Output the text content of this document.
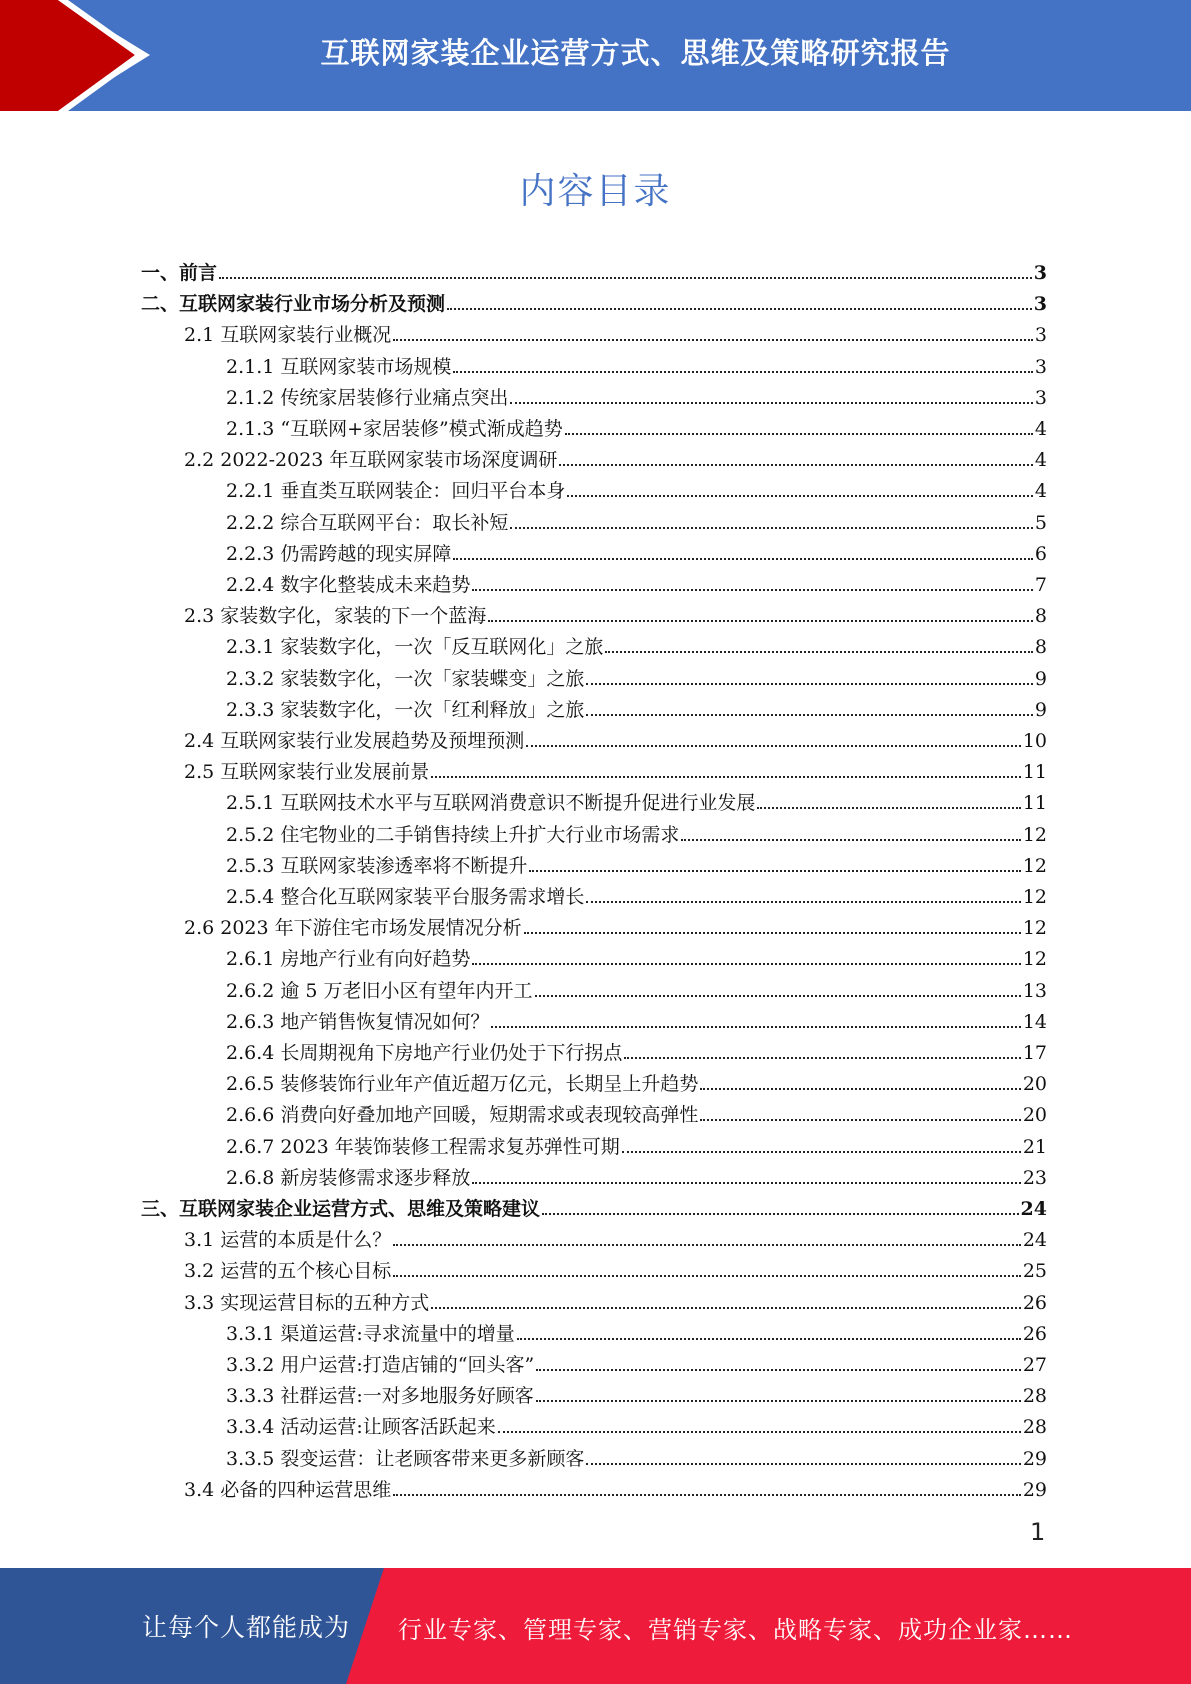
互联网家装企业运营方式、思维及策略研究报告
内容目录
一、前言	3
二、互联网家装行业市场分析及预测	3
2.1 互联网家装行业概况	3
2.1.1 互联网家装市场规模	3
2.1.2 传统家居装修行业痛点突出	3
2.1.3 “互联网+家居装修”模式渐成趋势	4
2.2 2022-2023 年互联网家装市场深度调研	4
2.2.1 垂直类互联网装企：回归平台本身	4
2.2.2 综合互联网平台：取长补短	5
2.2.3 仍需跨越的现实屏障	6
2.2.4 数字化整装成未来趋势	7
2.3 家装数字化，家装的下一个蓝海	8
2.3.1 家装数字化，一次「反互联网化」之旅	8
2.3.2 家装数字化，一次「家装蝶变」之旅	9
2.3.3 家装数字化，一次「红利释放」之旅	9
2.4 互联网家装行业发展趋势及预埋预测	10
2.5 互联网家装行业发展前景	11
2.5.1 互联网技术水平与互联网消费意识不断提升促进行业发展	11
2.5.2 住宅物业的二手销售持续上升扩大行业市场需求	12
2.5.3 互联网家装渗透率将不断提升	12
2.5.4 整合化互联网家装平台服务需求增长	12
2.6 2023 年下游住宅市场发展情况分析	12
2.6.1 房地产行业有向好趋势	12
2.6.2 逾 5 万老旧小区有望年内开工	13
2.6.3 地产销售恢复情况如何？	14
2.6.4 长周期视角下房地产行业仍处于下行拐点	17
2.6.5 装修装饰行业年产值近超万亿元，长期呈上升趋势	20
2.6.6 消费向好叠加地产回暖，短期需求或表现较高弹性	20
2.6.7 2023 年装饰装修工程需求复苏弹性可期	21
2.6.8 新房装修需求逐步释放	23
三、互联网家装企业运营方式、思维及策略建议	24
3.1 运营的本质是什么？	24
3.2 运营的五个核心目标	25
3.3 实现运营目标的五种方式	26
3.3.1 渠道运营:寻求流量中的增量	26
3.3.2 用户运营:打造店铺的“回头客”	27
3.3.3 社群运营:一对多地服务好顾客	28
3.3.4 活动运营:让顾客活跃起来	28
3.3.5 裂变运营：让老顾客带来更多新顾客	29
3.4 必备的四种运营思维	29
1
让每个人都能成为 行业专家、管理专家、营销专家、战略专家、成功企业家……
